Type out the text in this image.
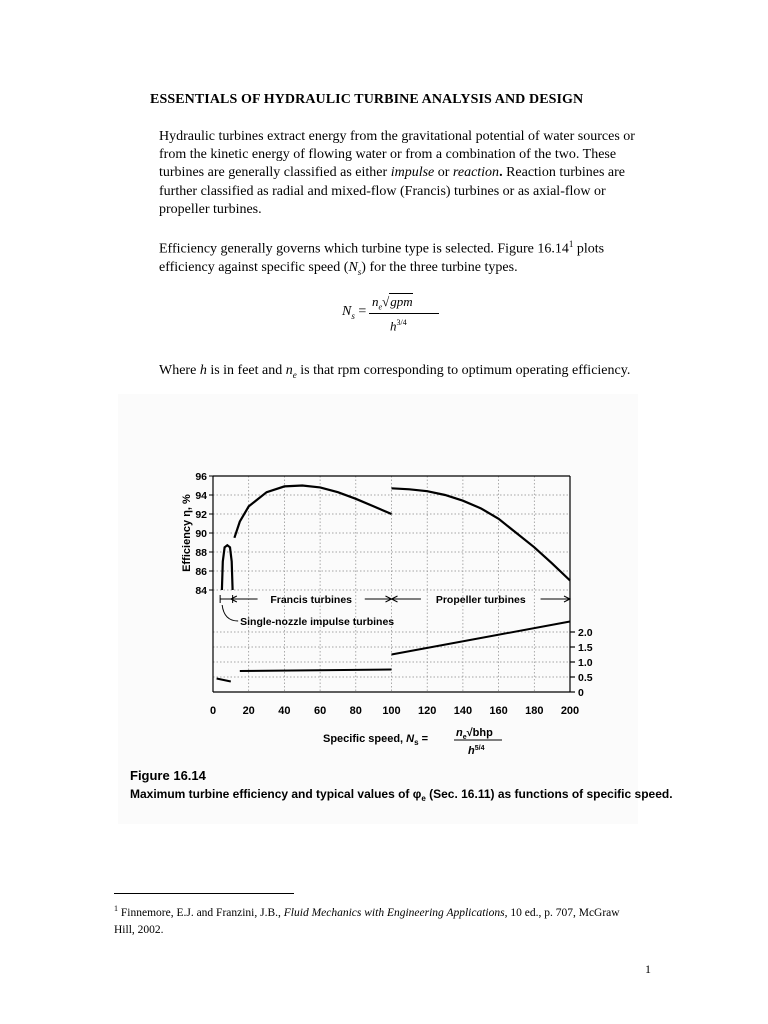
ESSENTIALS OF HYDRAULIC TURBINE ANALYSIS AND DESIGN
Hydraulic turbines extract energy from the gravitational potential of water sources or from the kinetic energy of flowing water or from a combination of the two. These turbines are generally classified as either impulse or reaction. Reaction turbines are further classified as radial and mixed-flow (Francis) turbines or as axial-flow or propeller turbines.
Efficiency generally governs which turbine type is selected. Figure 16.14$^1$ plots efficiency against specific speed $(N_s)$ for the three turbine types.
$N_s$ =
$n_e√gpm$
$h^{3/4}$
Where h is in feet and $n_e$ is that rpm corresponding to optimum operating efficiency.
0 20 40 60 80 100 120 140 160 180 200
84
86
88
90
92
94
96
0
0.5
1.0
1.5
2.0
Efficiency η, %
Francis turbines	Propeller turbines
Single-nozzle impulse turbines
Specific speed, $N_s$ =	$n_e√bhp$
$h^{5/4}$
Figure 16.14
Maximum turbine efficiency and typical values of $\varphi_e$ (Sec. 16.11) as functions of specific speed.
$^1$ Finnemore, E.J. and Franzini, J.B., Fluid Mechanics with Engineering Applications, 10 ed., p. 707, McGraw Hill, 2002.
1
